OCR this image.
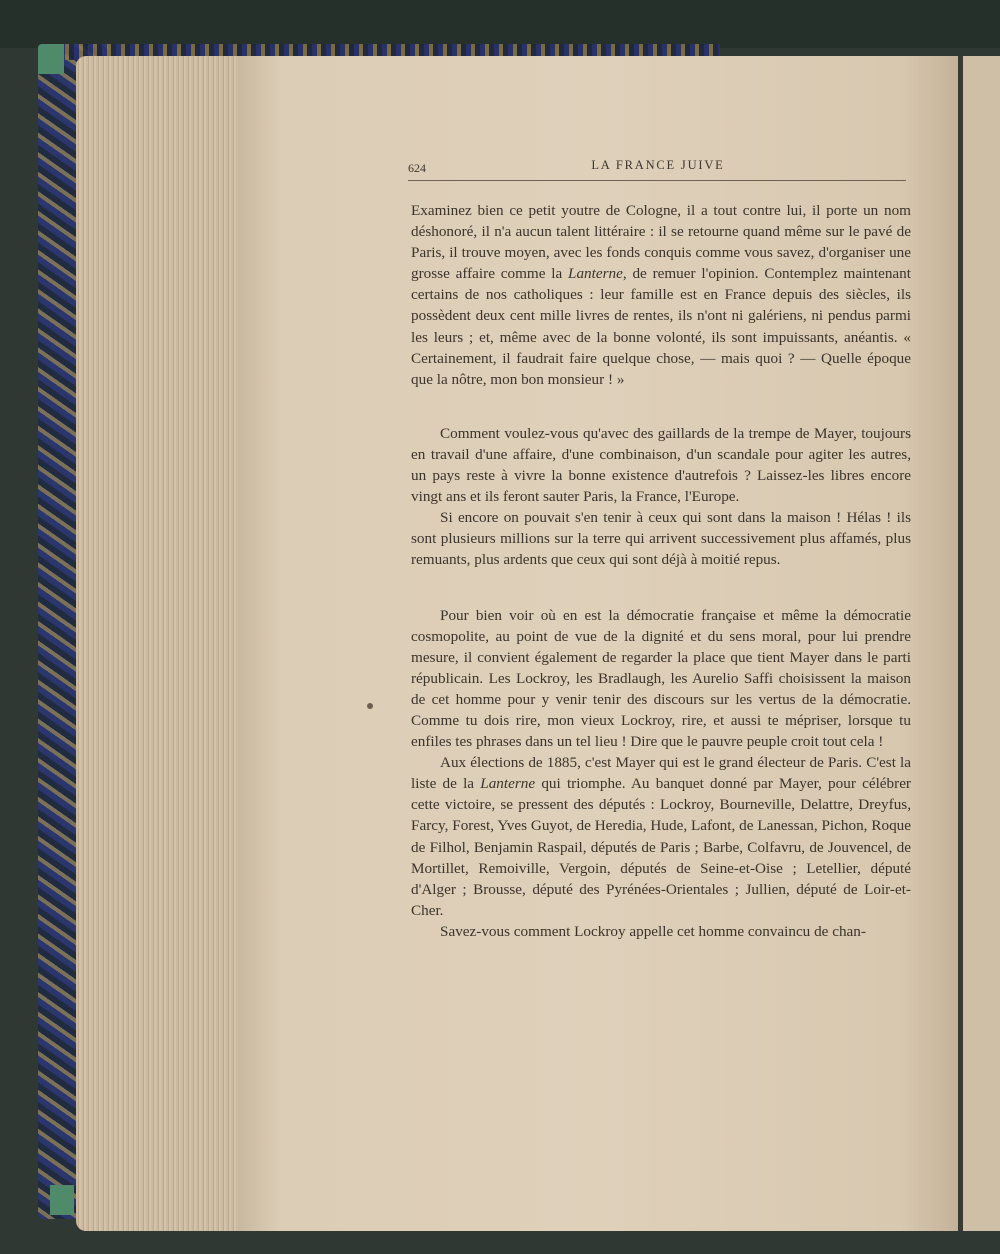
624	LA FRANCE JUIVE

Examinez bien ce petit youtre de Cologne, il a tout contre lui, il porte un nom déshonoré, il n'a aucun talent littéraire : il se retourne quand même sur le pavé de Paris, il trouve moyen, avec les fonds conquis comme vous savez, d'organiser une grosse affaire comme la Lanterne, de remuer l'opinion. Contemplez maintenant certains de nos catholiques : leur famille est en France depuis des siècles, ils possèdent deux cent mille livres de rentes, ils n'ont ni galériens, ni pendus parmi les leurs ; et, même avec de la bonne volonté, ils sont impuissants, anéantis. « Certainement, il faudrait faire quelque chose, — mais quoi ? — Quelle époque que la nôtre, mon bon monsieur ! »

Comment voulez-vous qu'avec des gaillards de la trempe de Mayer, toujours en travail d'une affaire, d'une combinaison, d'un scandale pour agiter les autres, un pays reste à vivre la bonne existence d'autrefois ? Laissez-les libres encore vingt ans et ils feront sauter Paris, la France, l'Europe.

Si encore on pouvait s'en tenir à ceux qui sont dans la maison ! Hélas ! ils sont plusieurs millions sur la terre qui arrivent successivement plus affamés, plus remuants, plus ardents que ceux qui sont déjà à moitié repus.

Pour bien voir où en est la démocratie française et même la démocratie cosmopolite, au point de vue de la dignité et du sens moral, pour lui prendre mesure, il convient également de regarder la place que tient Mayer dans le parti républicain. Les Lockroy, les Bradlaugh, les Aurelio Saffi choisissent la maison de cet homme pour y venir tenir des discours sur les vertus de la démocratie. Comme tu dois rire, mon vieux Lockroy, rire, et aussi te mépriser, lorsque tu enfiles tes phrases dans un tel lieu ! Dire que le pauvre peuple croit tout cela !

Aux élections de 1885, c'est Mayer qui est le grand électeur de Paris. C'est la liste de la Lanterne qui triomphe. Au banquet donné par Mayer, pour célébrer cette victoire, se pressent des députés : Lockroy, Bourneville, Delattre, Dreyfus, Farcy, Forest, Yves Guyot, de Heredia, Hude, Lafont, de Lanessan, Pichon, Roque de Filhol, Benjamin Raspail, députés de Paris ; Barbe, Colfavru, de Jouvencel, de Mortillet, Remoiville, Vergoin, députés de Seine-et-Oise ; Letellier, député d'Alger ; Brousse, député des Pyrénées-Orientales ; Jullien, député de Loir-et-Cher.

Savez-vous comment Lockroy appelle cet homme convaincu de chan-
